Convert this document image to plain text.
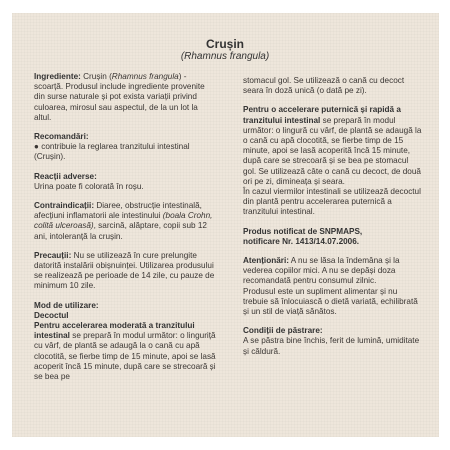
Crușin
(Rhamnus frangula)

Ingrediente: Crușin (Rhamnus frangula) - scoarță. Produsul include ingrediente provenite din surse naturale și pot exista variații privind culoarea, mirosul sau aspectul, de la un lot la altul.

Recomandări:

● contribuie la reglarea tranzitului intestinal (Crușin).

Reacții adverse:

Urina poate fi colorată în roșu.

Contraindicații: Diaree, obstrucție intestinală, afecțiuni inflamatorii ale intestinului (boala Crohn, colită ulceroasă), sarcină, alăptare, copii sub 12 ani, intoleranță la crușin.

Precauții: Nu se utilizează în cure prelungite datorită instalării obișnuinței. Utilizarea produsului se realizează pe perioade de 14 zile, cu pauze de minimum 10 zile.

Mod de utilizare:

Decoctul

Pentru accelerarea moderată a tranzitului intestinal se prepară în modul următor: o linguriță cu vârf, de plantă se adaugă la o cană cu apă clocotită, se fierbe timp de 15 minute, apoi se lasă acoperit încă 15 minute, după care se strecoară și se bea pe

stomacul gol. Se utilizează o cană cu decoct seara în doză unică (o dată pe zi).

Pentru o accelerare puternică și rapidă a tranzitului intestinal se prepară în modul următor: o lingură cu vârf, de plantă se adaugă la o cană cu apă clocotită, se fierbe timp de 15 minute, apoi se lasă acoperită încă 15 minute, după care se strecoară și se bea pe stomacul gol. Se utilizează câte o cană cu decoct, de două ori pe zi, dimineața și seara.

În cazul viermilor intestinali se utilizează decoctul din plantă pentru accelerarea puternică a tranzitului intestinal.

Produs notificat de SNPMAPS,

notificare Nr. 1413/14.07.2006.

Atenționări: A nu se lăsa la îndemâna și la vederea copiilor mici. A nu se depăși doza recomandată pentru consumul zilnic.

Produsul este un supliment alimentar și nu trebuie să înlocuiască o dietă variată, echilibrată și un stil de viață sănătos.

Condiții de păstrare:

A se păstra bine închis, ferit de lumină, umiditate și căldură.
